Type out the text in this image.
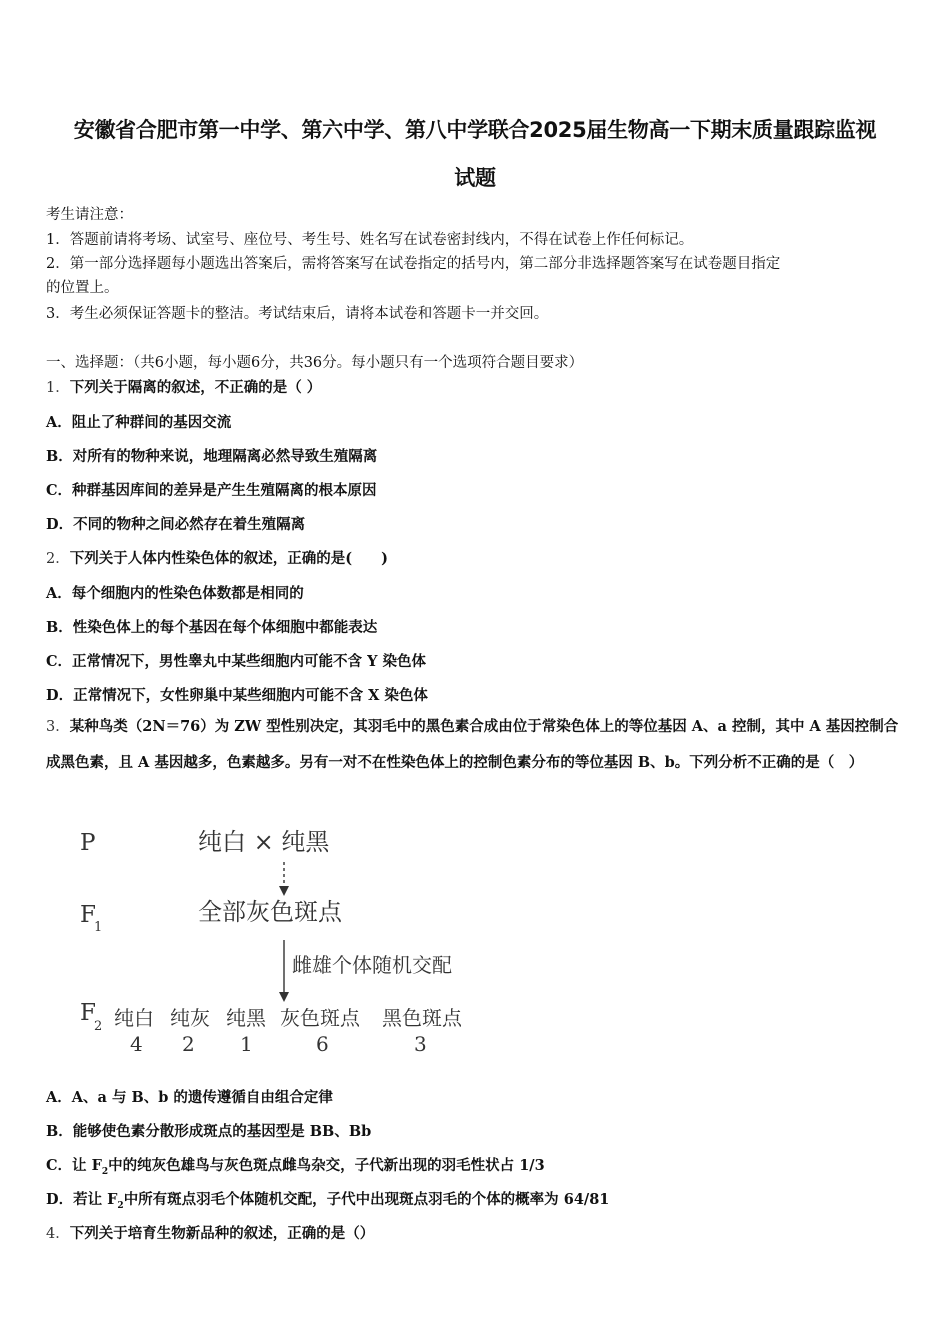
安徽省合肥市第一中学、第六中学、第八中学联合2025届生物高一下期末质量跟踪监视
试题
考生请注意：
1．答题前请将考场、试室号、座位号、考生号、姓名写在试卷密封线内，不得在试卷上作任何标记。
2．第一部分选择题每小题选出答案后，需将答案写在试卷指定的括号内，第二部分非选择题答案写在试卷题目指定
的位置上。
3．考生必须保证答题卡的整洁。考试结束后，请将本试卷和答题卡一并交回。
一、选择题：（共6小题，每小题6分，共36分。每小题只有一个选项符合题目要求）
1．下列关于隔离的叙述，不正确的是（ ）
A．阻止了种群间的基因交流
B．对所有的物种来说，地理隔离必然导致生殖隔离
C．种群基因库间的差异是产生生殖隔离的根本原因
D．不同的物种之间必然存在着生殖隔离
2．下列关于人体内性染色体的叙述，正确的是(　　)
A．每个细胞内的性染色体数都是相同的
B．性染色体上的每个基因在每个体细胞中都能表达
C．正常情况下，男性睾丸中某些细胞内可能不含 Y 染色体
D．正常情况下，女性卵巢中某些细胞内可能不含 X 染色体
3．某种鸟类（2N＝76）为 ZW 型性别决定，其羽毛中的黑色素合成由位于常染色体上的等位基因 A、a 控制，其中 A 基因控制合成黑色素，且 A 基因越多，色素越多。另有一对不在性染色体上的控制色素分布的等位基因 B、b。下列分析不正确的是（　）
P	纯白 × 纯黑
F
1
全部灰色斑点
雌雄个体随机交配
F
2 纯白 纯灰 纯黑 灰色斑点 黑色斑点
4 2 1	6	3
A．A、a 与 B、b 的遗传遵循自由组合定律
B．能够使色素分散形成斑点的基因型是 BB、Bb
C．让 $F_2$中的纯灰色雄鸟与灰色斑点雌鸟杂交，子代新出现的羽毛性状占 1/3
D．若让 $F_2$中所有斑点羽毛个体随机交配，子代中出现斑点羽毛的个体的概率为 64/81
4．下列关于培育生物新品种的叙述，正确的是（）
